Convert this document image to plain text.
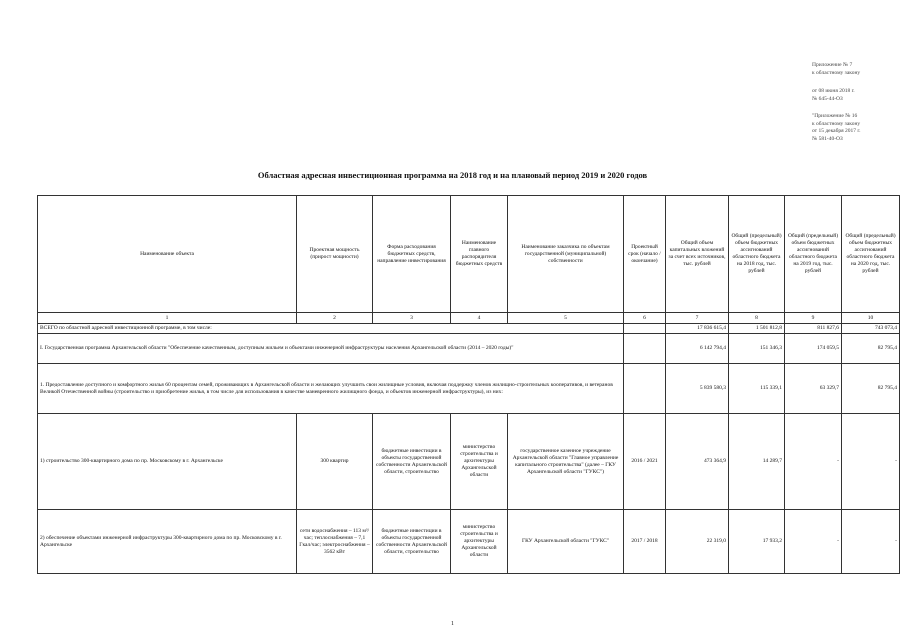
Приложение № 7
к областному закону
от 08 июня 2018 г.
№ 645-44-ОЗ
"Приложение № 16
к областному закону
от 15 декабря 2017 г.
№ 581-40-ОЗ
Областная адресная инвестиционная программа на 2018 год и на плановый период 2019 и 2020 годов
Наименование объекта	Проектная мощность (прирост мощности)	Форма расходования бюджетных средств, направление инвестирования	Наименование главного распорядителя бюджетных средств	Наименование заказчика по объектам государственной (муниципальной) собственности	Проектный срок (начало / окончание)	Общий объем капитальных вложений за счет всех источников, тыс. рублей	Общий (предельный) объем бюджетных ассигнований областного бюджета на 2018 год, тыс. рублей	Общий (предельный) объем бюджетных ассигнований областного бюджета на 2019 год, тыс. рублей	Общий (предельный) объем бюджетных ассигнований областного бюджета на 2020 год, тыс. рублей
1	2	3	4	5	6	7	8	9	10
ВСЕГО по областной адресной инвестиционной программе, в том числе:						17 836 615,4	1 501 812,8	811 827,6	743 073,4
I. Государственная программа Архангельской области "Обеспечение качественным, доступным жильем и объектами инженерной инфраструктуры населения Архангельской области (2014 – 2020 годы)"						6 142 794,4	151 346,3	174 059,5	82 795,4
1. Предоставление доступного и комфортного жилья 60 процентам семей, проживающих в Архангельской области и желающих улучшить свои жилищные условия, включая поддержку членов жилищно-строительных кооперативов, и ветеранов Великой Отечественной войны (строительство и приобретение жилья, в том числе для использования в качестве маневренного жилищного фонда, и объектов инженерной инфраструктуры), из них:						5 839 580,3	115 339,1	63 329,7	82 795,4
1) строительство 300-квартирного дома по пр. Московскому в г. Архангельске	300 квартир	бюджетные инвестиции в объекты государственной собственности Архангельской области, строительство	министерство строительства и архитектуры Архангельской области	государственное казенное учреждение Архангельской области "Главное управление капитального строительства" (далее – ГКУ Архангельской области "ГУКС")	2016 / 2021	473 364,9	14 289,7	-	-
2) обеспечение объектами инженерной инфраструктуры 300-квартирного дома по пр. Московскому в г. Архангельске	сети водоснабжения – 113 м³/час; теплоснабжения – 7,1 Гкал/час; электроснабжения – 3562 кВт	бюджетные инвестиции в объекты государственной собственности Архангельской области, строительство	министерство строительства и архитектуры Архангельской области	ГКУ Архангельской области "ГУКС"	2017 / 2018	22 319,0	17 933,2	-	-
1
